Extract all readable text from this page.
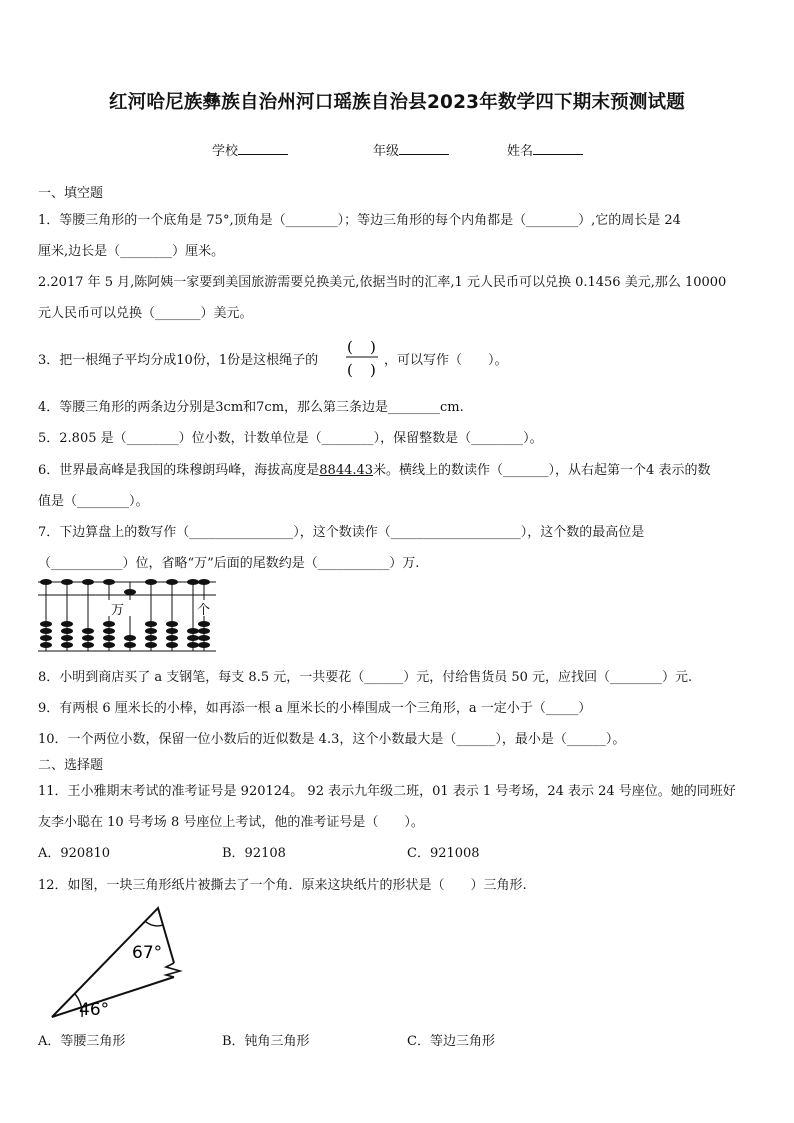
红河哈尼族彝族自治州河口瑶族自治县2023年数学四下期末预测试题
学校	年级	姓名
一、填空题
1．等腰三角形的一个底角是 75°,顶角是（________）；等边三角形的每个内角都是（________）,它的周长是 24
厘米,边长是（________）厘米。
2.2017 年 5 月,陈阿姨一家要到美国旅游需要兑换美元,依据当时的汇率,1 元人民币可以兑换 0.1456 美元,那么 10000
元人民币可以兑换（_______）美元。
3．把一根绳子平均分成10份，1份是这根绳子的
( )
( )
，可以写作（　　）。
4．等腰三角形的两条边分别是3cm和7cm，那么第三条边是________cm.
5．2.805 是（________）位小数，计数单位是（________），保留整数是（________）。
6．世界最高峰是我国的珠穆朗玛峰，海拔高度是8844.43米。横线上的数读作（_______），从右起第一个4 表示的数
值是（________）。
7．下边算盘上的数写作（________________），这个数读作（____________________），这个数的最高位是
（___________）位，省略“万”后面的尾数约是（___________）万.
万	个
8．小明到商店买了 a 支钢笔，每支 8.5 元，一共要花（______）元，付给售货员 50 元，应找回（________）元.
9．有两根 6 厘米长的小棒，如再添一根 a 厘米长的小棒围成一个三角形，a 一定小于（_____）
10．一个两位小数，保留一位小数后的近似数是 4.3，这个小数最大是（______），最小是（______）。
二、选择题
11．王小雅期末考试的准考证号是 920124。 92 表示九年级二班，01 表示 1 号考场，24 表示 24 号座位。她的同班好
友李小聪在 10 号考场 8 号座位上考试，他的准考证号是（　　）。
A．920810	B．92108	C．921008
12．如图，一块三角形纸片被撕去了一个角．原来这块纸片的形状是（　　）三角形.
67°
46°
A．等腰三角形	B．钝角三角形	C．等边三角形
